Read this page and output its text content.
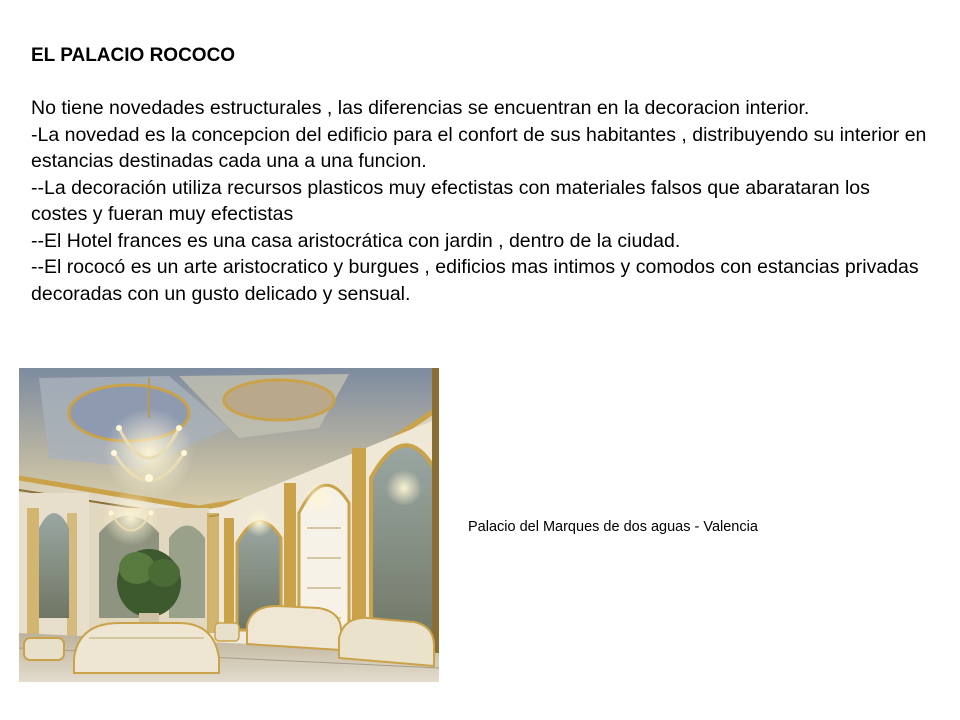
EL PALACIO ROCOCO

No tiene novedades estructurales , las diferencias se encuentran en la decoracion interior.

-La novedad es la concepcion del edificio para el confort de sus habitantes , distribuyendo su interior en estancias destinadas cada una a una funcion.

--La decoración utiliza recursos plasticos muy efectistas con materiales falsos que abarataran los costes y fueran muy efectistas

--El Hotel frances es una casa aristocrática con jardin , dentro de la ciudad.

--El rococó es un arte aristocratico y burgues , edificios mas intimos y comodos con estancias privadas decoradas con un gusto delicado y sensual.

Palacio del Marques de dos aguas - Valencia
